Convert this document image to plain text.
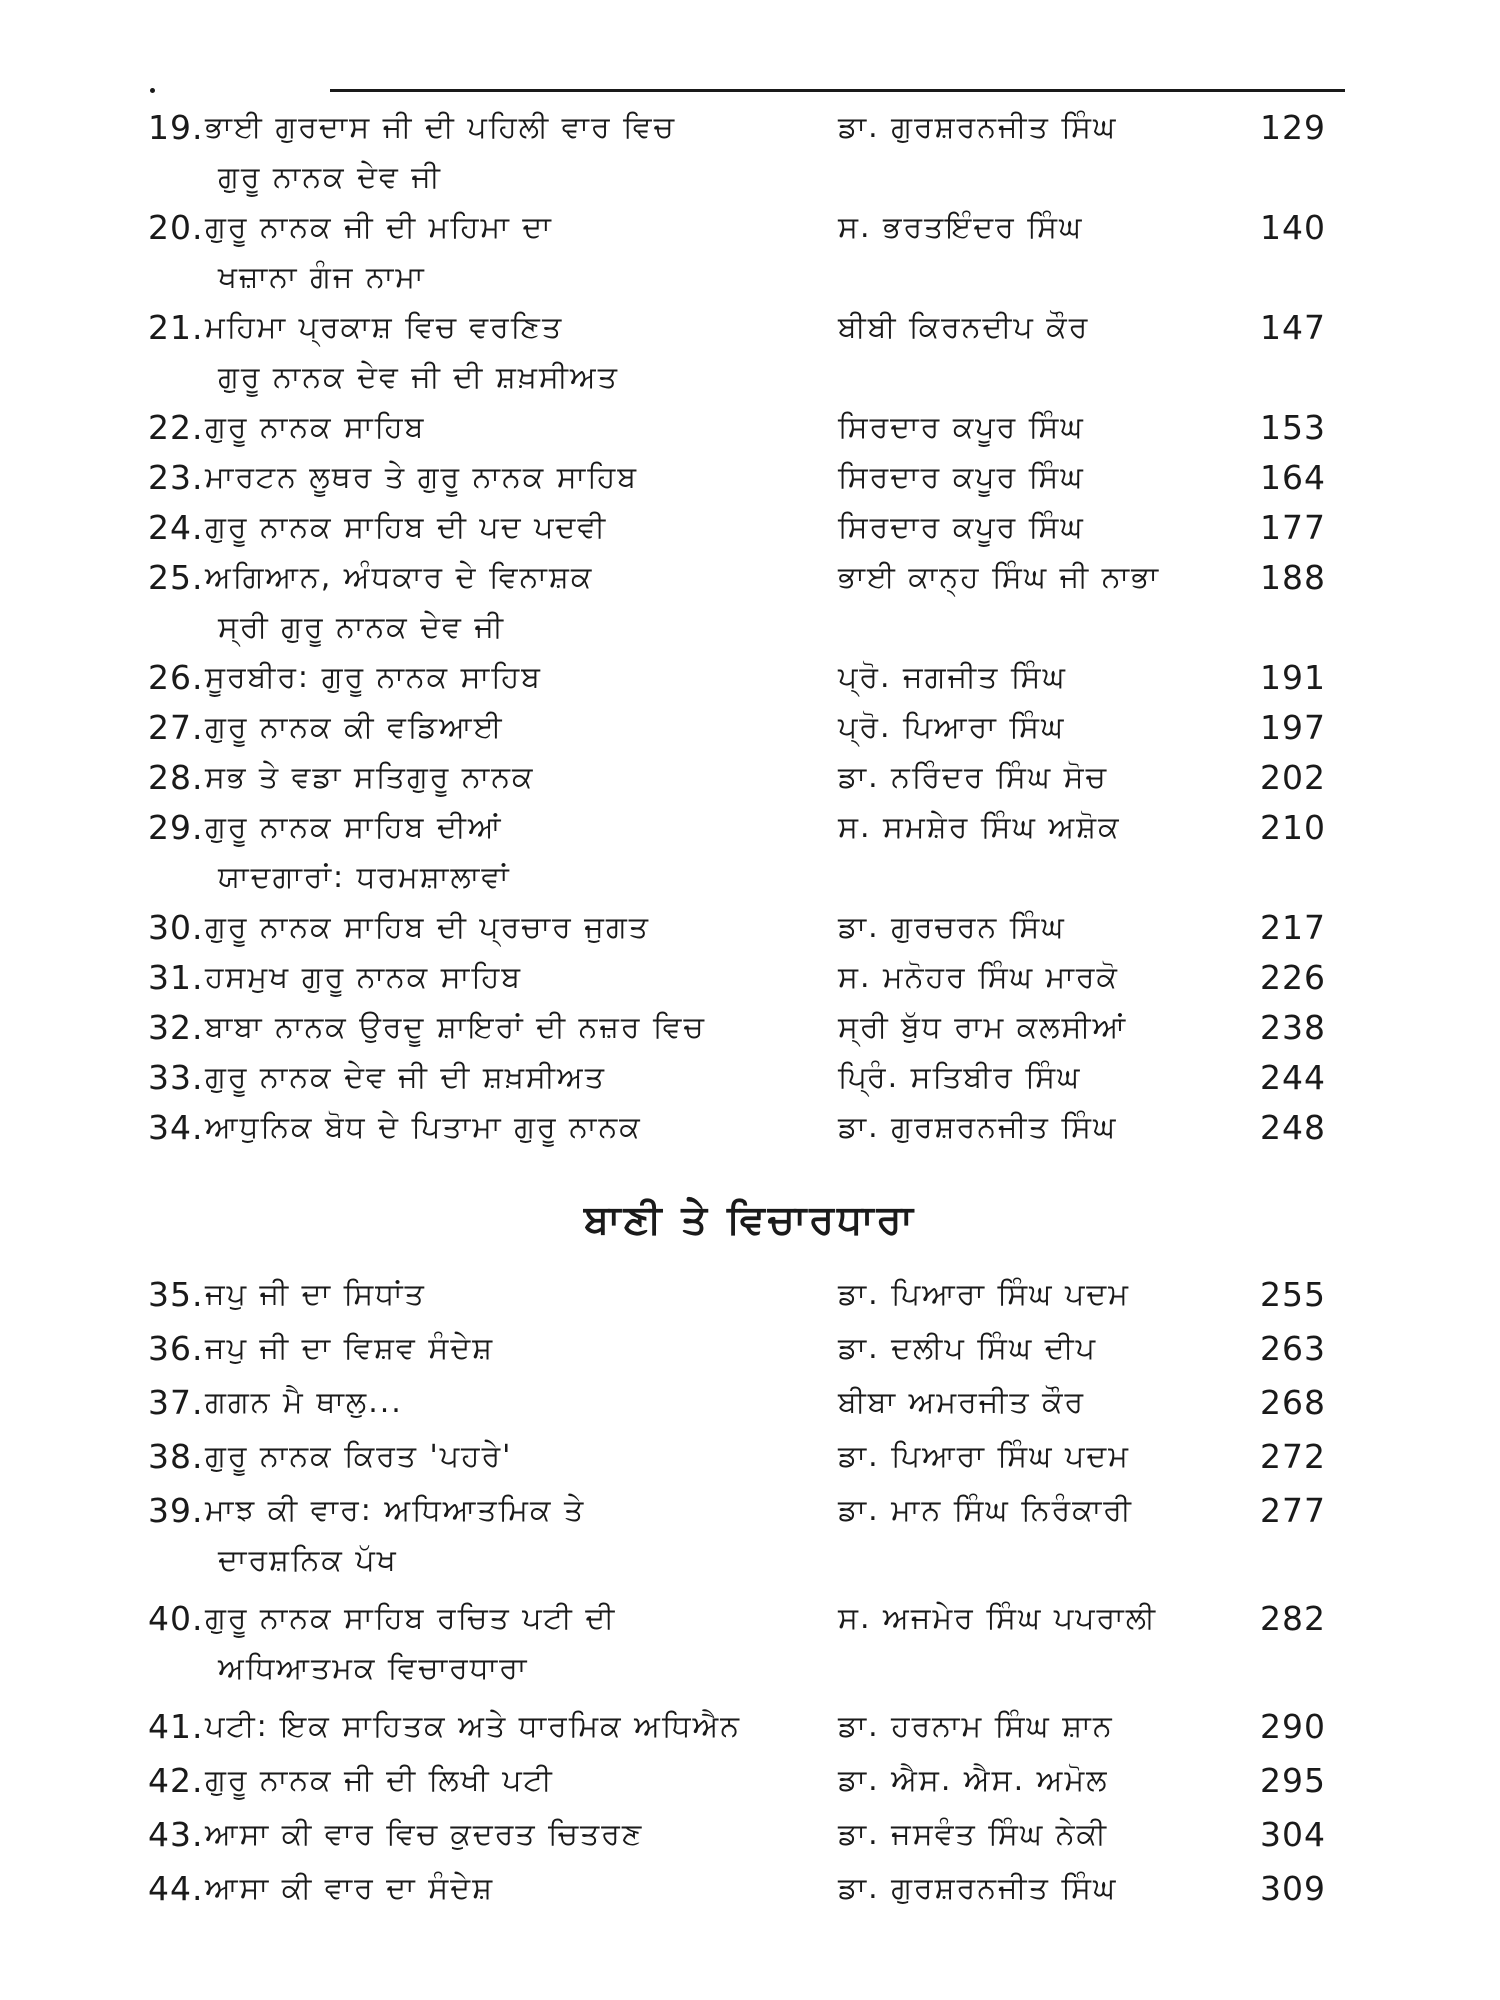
19. ਭਾਈ ਗੁਰਦਾਸ ਜੀ ਦੀ ਪਹਿਲੀ ਵਾਰ ਵਿਚ
ਗੁਰੂ ਨਾਨਕ ਦੇਵ ਜੀ
ਡਾ. ਗੁਰਸ਼ਰਨਜੀਤ ਸਿੰਘ	129
20. ਗੁਰੂ ਨਾਨਕ ਜੀ ਦੀ ਮਹਿਮਾ ਦਾ
ਖਜ਼ਾਨਾ ਗੰਜ ਨਾਮਾ
ਸ. ਭਰਤਇੰਦਰ ਸਿੰਘ	140
21. ਮਹਿਮਾ ਪ੍ਰਕਾਸ਼ ਵਿਚ ਵਰਣਿਤ
ਗੁਰੂ ਨਾਨਕ ਦੇਵ ਜੀ ਦੀ ਸ਼ਖ਼ਸੀਅਤ
ਬੀਬੀ ਕਿਰਨਦੀਪ ਕੌਰ	147
22. ਗੁਰੂ ਨਾਨਕ ਸਾਹਿਬ	ਸਿਰਦਾਰ ਕਪੂਰ ਸਿੰਘ	153
23. ਮਾਰਟਨ ਲੂਥਰ ਤੇ ਗੁਰੂ ਨਾਨਕ ਸਾਹਿਬ	ਸਿਰਦਾਰ ਕਪੂਰ ਸਿੰਘ	164
24. ਗੁਰੂ ਨਾਨਕ ਸਾਹਿਬ ਦੀ ਪਦ ਪਦਵੀ	ਸਿਰਦਾਰ ਕਪੂਰ ਸਿੰਘ	177
25. ਅਗਿਆਨ, ਅੰਧਕਾਰ ਦੇ ਵਿਨਾਸ਼ਕ
ਸ੍ਰੀ ਗੁਰੂ ਨਾਨਕ ਦੇਵ ਜੀ
ਭਾਈ ਕਾਨ੍ਹ ਸਿੰਘ ਜੀ ਨਾਭਾ	188
26. ਸੂਰਬੀਰ: ਗੁਰੂ ਨਾਨਕ ਸਾਹਿਬ	ਪ੍ਰੋ. ਜਗਜੀਤ ਸਿੰਘ	191
27. ਗੁਰੂ ਨਾਨਕ ਕੀ ਵਡਿਆਈ	ਪ੍ਰੋ. ਪਿਆਰਾ ਸਿੰਘ	197
28. ਸਭ ਤੇ ਵਡਾ ਸਤਿਗੁਰੂ ਨਾਨਕ	ਡਾ. ਨਰਿੰਦਰ ਸਿੰਘ ਸੋਚ	202
29. ਗੁਰੂ ਨਾਨਕ ਸਾਹਿਬ ਦੀਆਂ
ਯਾਦਗਾਰਾਂ: ਧਰਮਸ਼ਾਲਾਵਾਂ
ਸ. ਸਮਸ਼ੇਰ ਸਿੰਘ ਅਸ਼ੋਕ	210
30. ਗੁਰੂ ਨਾਨਕ ਸਾਹਿਬ ਦੀ ਪ੍ਰਚਾਰ ਜੁਗਤ	ਡਾ. ਗੁਰਚਰਨ ਸਿੰਘ	217
31. ਹਸਮੁਖ ਗੁਰੂ ਨਾਨਕ ਸਾਹਿਬ	ਸ. ਮਨੋਹਰ ਸਿੰਘ ਮਾਰਕੋ	226
32. ਬਾਬਾ ਨਾਨਕ ਉਰਦੂ ਸ਼ਾਇਰਾਂ ਦੀ ਨਜ਼ਰ ਵਿਚ	ਸ੍ਰੀ ਬੁੱਧ ਰਾਮ ਕਲਸੀਆਂ	238
33. ਗੁਰੂ ਨਾਨਕ ਦੇਵ ਜੀ ਦੀ ਸ਼ਖ਼ਸੀਅਤ	ਪ੍ਰਿੰ. ਸਤਿਬੀਰ ਸਿੰਘ	244
34. ਆਧੁਨਿਕ ਬੋਧ ਦੇ ਪਿਤਾਮਾ ਗੁਰੂ ਨਾਨਕ	ਡਾ. ਗੁਰਸ਼ਰਨਜੀਤ ਸਿੰਘ	248
ਬਾਣੀ ਤੇ ਵਿਚਾਰਧਾਰਾ
35. ਜਪੁ ਜੀ ਦਾ ਸਿਧਾਂਤ	ਡਾ. ਪਿਆਰਾ ਸਿੰਘ ਪਦਮ	255
36. ਜਪੁ ਜੀ ਦਾ ਵਿਸ਼ਵ ਸੰਦੇਸ਼	ਡਾ. ਦਲੀਪ ਸਿੰਘ ਦੀਪ	263
37. ਗਗਨ ਮੈ ਥਾਲੁ...	ਬੀਬਾ ਅਮਰਜੀਤ ਕੌਰ	268
38. ਗੁਰੂ ਨਾਨਕ ਕਿਰਤ 'ਪਹਰੇ'	ਡਾ. ਪਿਆਰਾ ਸਿੰਘ ਪਦਮ	272
39. ਮਾਝ ਕੀ ਵਾਰ: ਅਧਿਆਤਮਿਕ ਤੇ
ਦਾਰਸ਼ਨਿਕ ਪੱਖ
ਡਾ. ਮਾਨ ਸਿੰਘ ਨਿਰੰਕਾਰੀ	277
40. ਗੁਰੂ ਨਾਨਕ ਸਾਹਿਬ ਰਚਿਤ ਪਟੀ ਦੀ
ਅਧਿਆਤਮਕ ਵਿਚਾਰਧਾਰਾ
ਸ. ਅਜਮੇਰ ਸਿੰਘ ਪਪਰਾਲੀ	282
41. ਪਟੀ: ਇਕ ਸਾਹਿਤਕ ਅਤੇ ਧਾਰਮਿਕ ਅਧਿਐਨ	ਡਾ. ਹਰਨਾਮ ਸਿੰਘ ਸ਼ਾਨ	290
42. ਗੁਰੂ ਨਾਨਕ ਜੀ ਦੀ ਲਿਖੀ ਪਟੀ	ਡਾ. ਐਸ. ਐਸ. ਅਮੋਲ	295
43. ਆਸਾ ਕੀ ਵਾਰ ਵਿਚ ਕੁਦਰਤ ਚਿਤਰਣ	ਡਾ. ਜਸਵੰਤ ਸਿੰਘ ਨੇਕੀ	304
44. ਆਸਾ ਕੀ ਵਾਰ ਦਾ ਸੰਦੇਸ਼	ਡਾ. ਗੁਰਸ਼ਰਨਜੀਤ ਸਿੰਘ	309
